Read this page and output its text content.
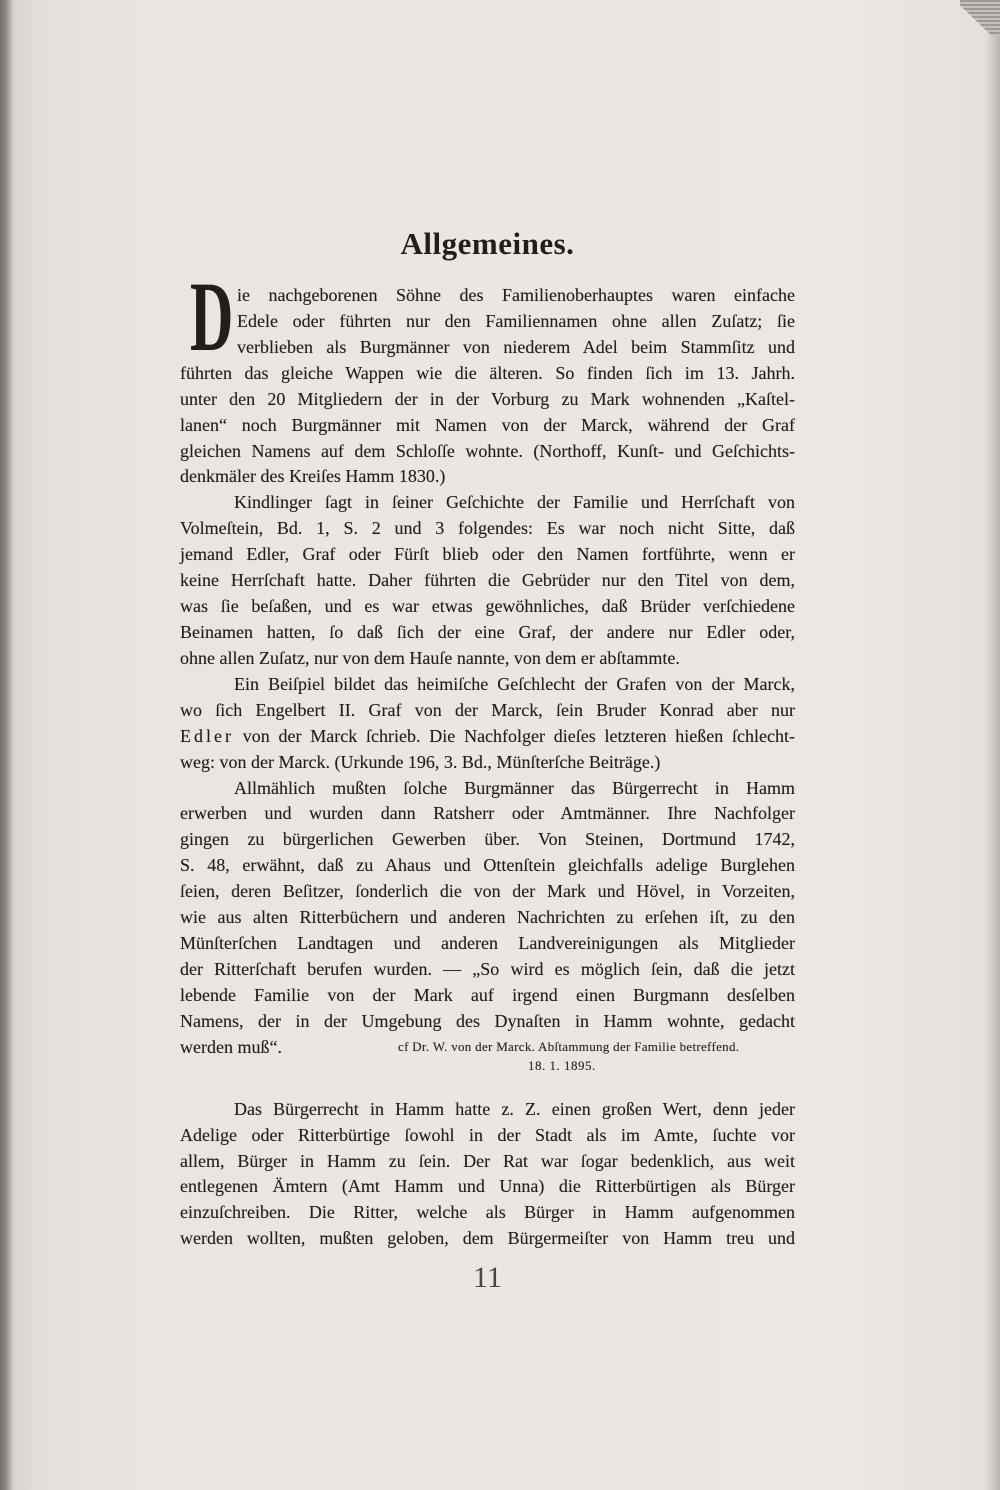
Allgemeines.
D ie nachgeborenen Söhne des Familienoberhauptes waren einfache
Edele oder führten nur den Familiennamen ohne allen Zuſatz; ſie
verblieben als Burgmänner von niederem Adel beim Stammſitz und
führten das gleiche Wappen wie die älteren. So finden ſich im 13. Jahrh.
unter den 20 Mitgliedern der in der Vorburg zu Mark wohnenden „Kaſtel-
lanen“ noch Burgmänner mit Namen von der Marck, während der Graf
gleichen Namens auf dem Schloſſe wohnte. (Northoff, Kunſt- und Geſchichts-
denkmäler des Kreiſes Hamm 1830.)
Kindlinger ſagt in ſeiner Geſchichte der Familie und Herrſchaft von
Volmeſtein, Bd. 1, S. 2 und 3 folgendes: Es war noch nicht Sitte, daß
jemand Edler, Graf oder Fürſt blieb oder den Namen fortführte, wenn er
keine Herrſchaft hatte. Daher führten die Gebrüder nur den Titel von dem,
was ſie beſaßen, und es war etwas gewöhnliches, daß Brüder verſchiedene
Beinamen hatten, ſo daß ſich der eine Graf, der andere nur Edler oder,
ohne allen Zuſatz, nur von dem Hauſe nannte, von dem er abſtammte.
Ein Beiſpiel bildet das heimiſche Geſchlecht der Grafen von der Marck,
wo ſich Engelbert II. Graf von der Marck, ſein Bruder Konrad aber nur
Edler von der Marck ſchrieb. Die Nachfolger dieſes letzteren hießen ſchlecht-
weg: von der Marck. (Urkunde 196, 3. Bd., Münſterſche Beiträge.)
Allmählich mußten ſolche Burgmänner das Bürgerrecht in Hamm
erwerben und wurden dann Ratsherr oder Amtmänner. Ihre Nachfolger
gingen zu bürgerlichen Gewerben über. Von Steinen, Dortmund 1742,
S. 48, erwähnt, daß zu Ahaus und Ottenſtein gleichfalls adelige Burglehen
ſeien, deren Beſitzer, ſonderlich die von der Mark und Hövel, in Vorzeiten,
wie aus alten Ritterbüchern und anderen Nachrichten zu erſehen iſt, zu den
Münſterſchen Landtagen und anderen Landvereinigungen als Mitglieder
der Ritterſchaft berufen wurden. — „So wird es möglich ſein, daß die jetzt
lebende Familie von der Mark auf irgend einen Burgmann desſelben
Namens, der in der Umgebung des Dynaſten in Hamm wohnte, gedacht
werden muß“.	cf Dr. W. von der Marck. Abſtammung der Familie betreffend.
18. 1. 1895.
Das Bürgerrecht in Hamm hatte z. Z. einen großen Wert, denn jeder
Adelige oder Ritterbürtige ſowohl in der Stadt als im Amte, ſuchte vor
allem, Bürger in Hamm zu ſein. Der Rat war ſogar bedenklich, aus weit
entlegenen Ämtern (Amt Hamm und Unna) die Ritterbürtigen als Bürger
einzuſchreiben. Die Ritter, welche als Bürger in Hamm aufgenommen
werden wollten, mußten geloben, dem Bürgermeiſter von Hamm treu und
11
